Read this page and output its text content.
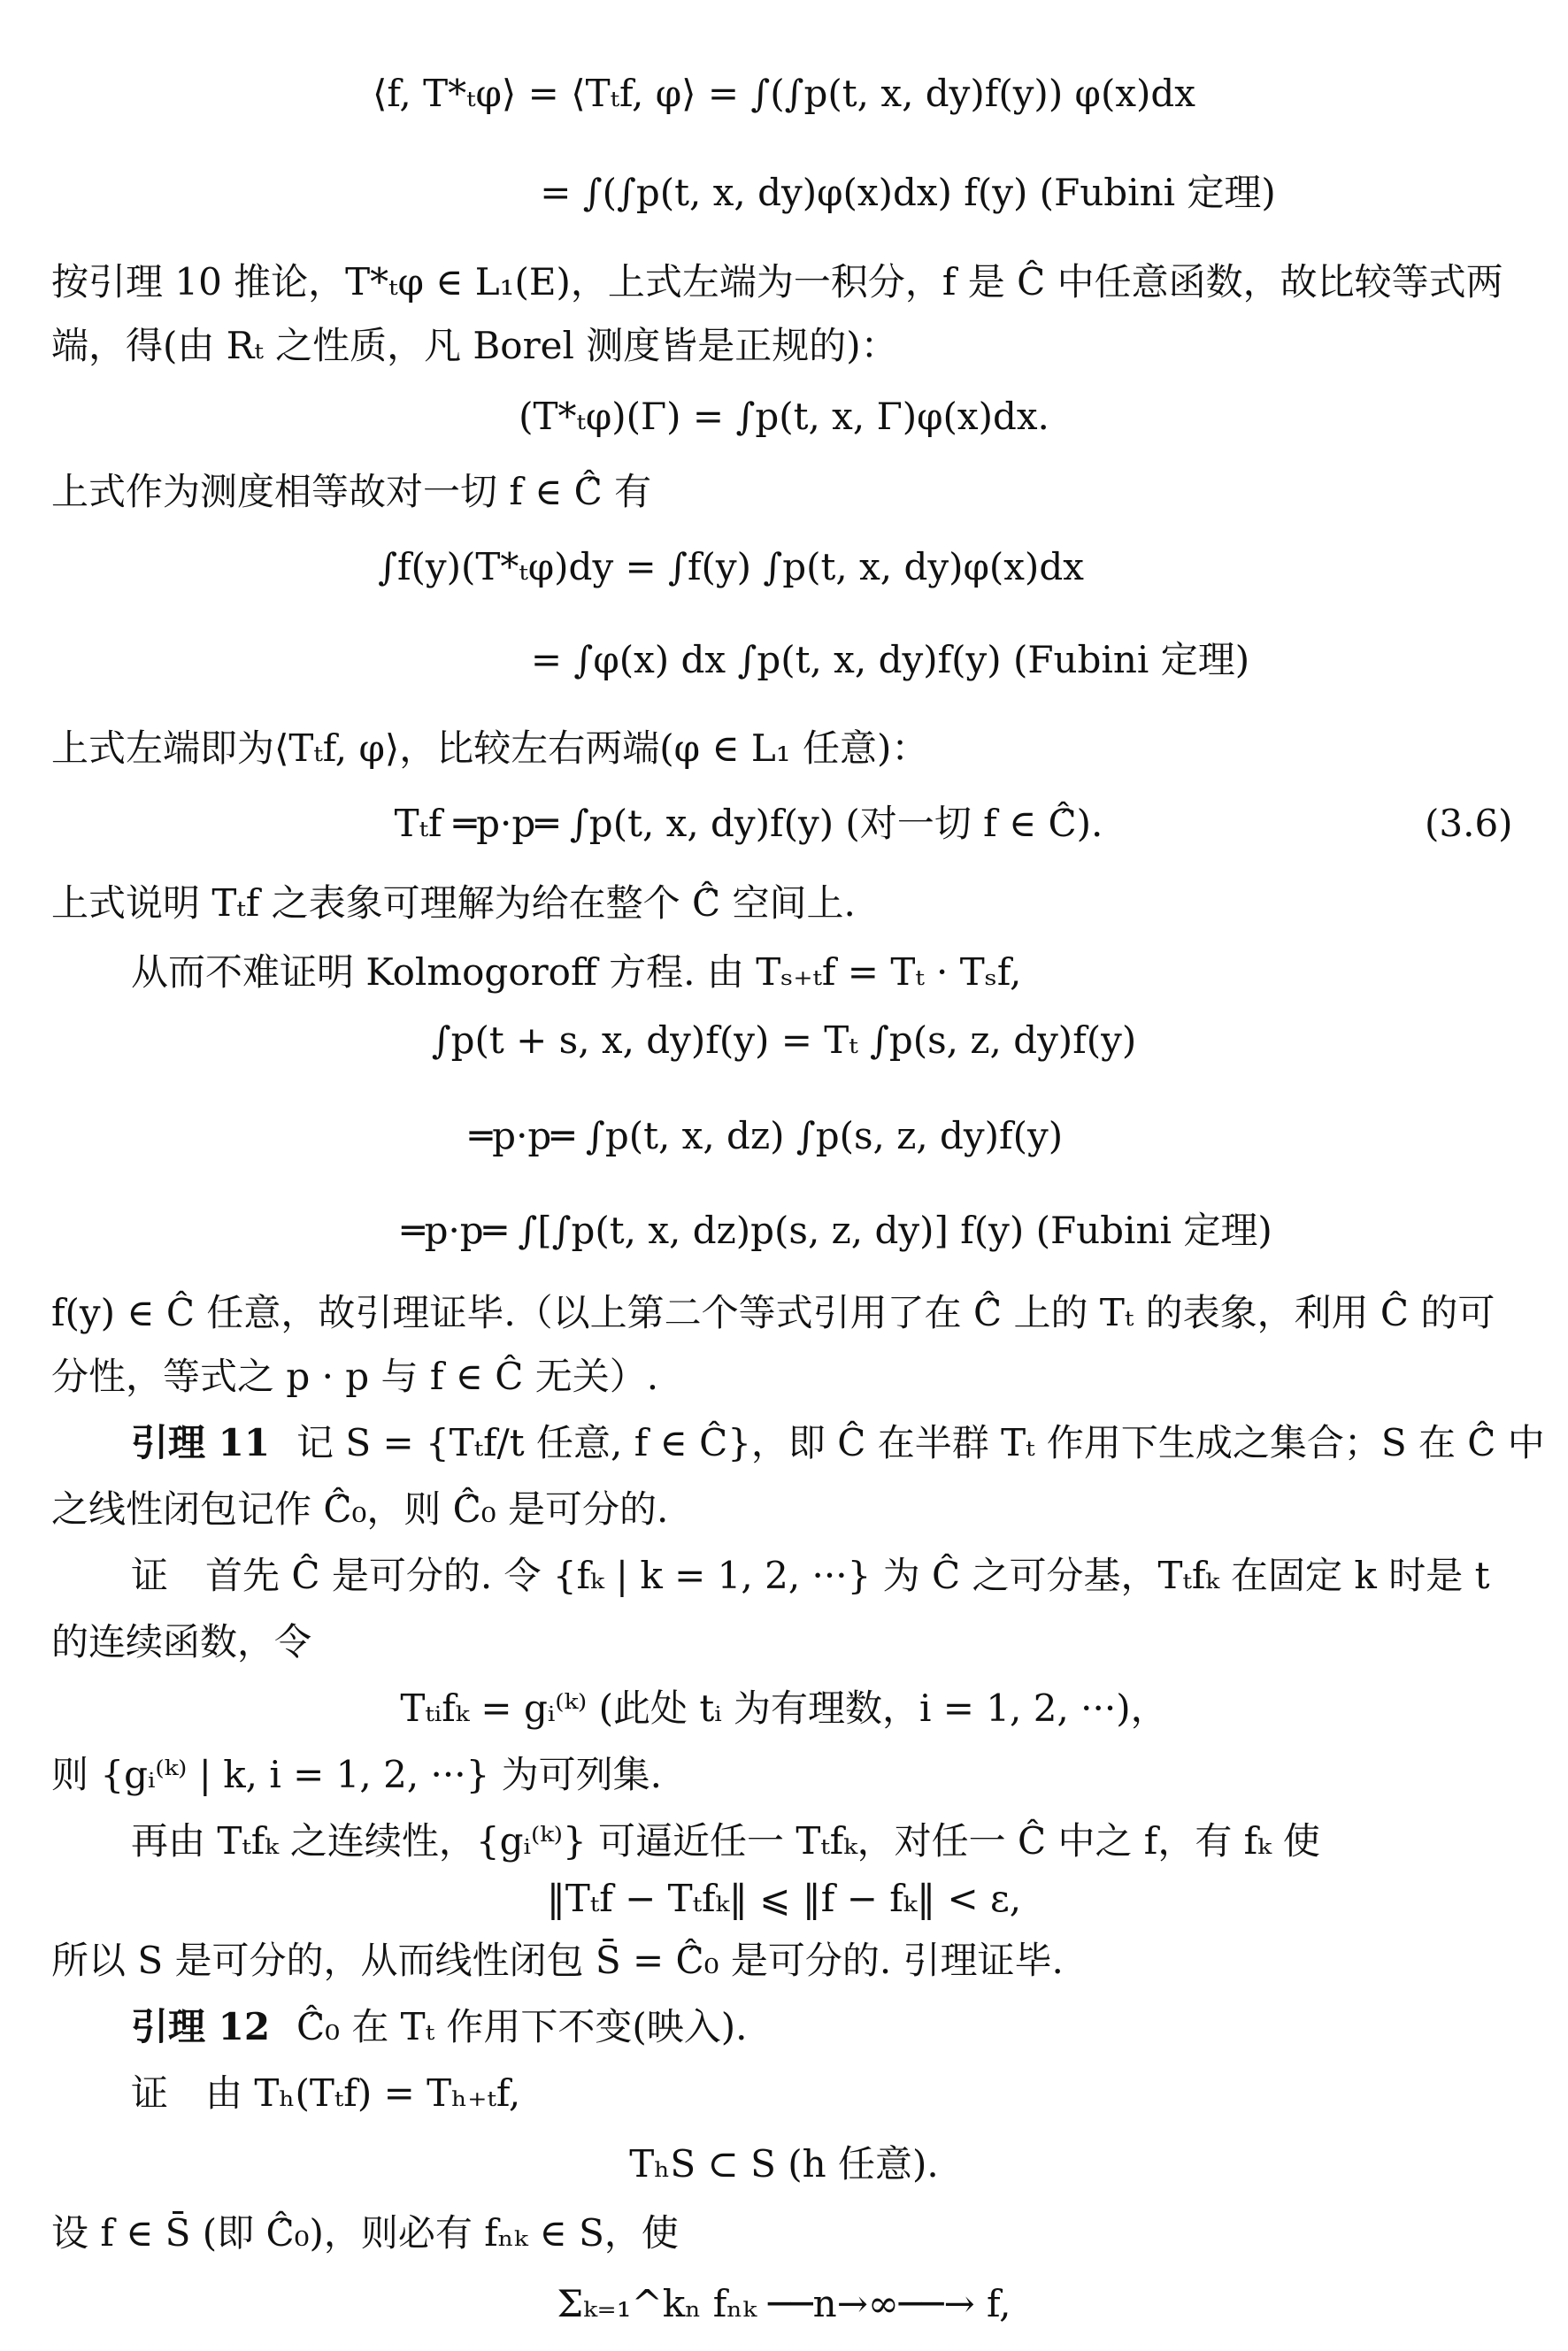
⟨f, T*ₜφ⟩ = ⟨Tₜf, φ⟩ = ∫(∫p(t, x, dy)f(y)) φ(x)dx
= ∫(∫p(t, x, dy)φ(x)dx) f(y) (Fubini 定理)
按引理 10 推论，T*ₜφ ∈ L₁(E)，上式左端为一积分，f 是 Ĉ 中任意函数，故比较等式两
端，得(由 Rₜ 之性质，凡 Borel 测度皆是正规的)：
(T*ₜφ)(Γ) = ∫p(t, x, Γ)φ(x)dx.
上式作为测度相等故对一切 f ∈ Ĉ̂ 有
∫f(y)(T*ₜφ)dy = ∫f(y) ∫p(t, x, dy)φ(x)dx
= ∫φ(x) dx ∫p(t, x, dy)f(y) (Fubini 定理)
上式左端即为⟨Tₜf, φ⟩，比较左右两端(φ ∈ L₁ 任意)：
Tₜf ═p·p═ ∫p(t, x, dy)f(y) (对一切 f ∈ Ĉ̂).	(3.6)
上式说明 Tₜf 之表象可理解为给在整个 Ĉ̂ 空间上.
从而不难证明 Kolmogoroff 方程. 由 Tₛ₊ₜf = Tₜ · Tₛf,
∫p(t + s, x, dy)f(y) = Tₜ ∫p(s, z, dy)f(y)
═p·p═ ∫p(t, x, dz) ∫p(s, z, dy)f(y)
═p·p═ ∫[∫p(t, x, dz)p(s, z, dy)] f(y) (Fubini 定理)
f(y) ∈ Ĉ 任意，故引理证毕.（以上第二个等式引用了在 Ĉ̂ 上的 Tₜ 的表象，利用 Ĉ 的可
分性，等式之 p · p 与 f ∈ Ĉ 无关）.
引理 11 记 S = {Tₜf/t 任意, f ∈ Ĉ}，即 Ĉ 在半群 Tₜ 作用下生成之集合；S 在 Ĉ̂ 中
之线性闭包记作 Ĉ̂₀，则 Ĉ̂₀ 是可分的.
证　首先 Ĉ 是可分的. 令 {fₖ | k = 1, 2, ···} 为 Ĉ 之可分基，Tₜfₖ 在固定 k 时是 t
的连续函数，令
Tₜᵢfₖ = gᵢ⁽ᵏ⁾ (此处 tᵢ 为有理数，i = 1, 2, ···)，
则 {gᵢ⁽ᵏ⁾ | k, i = 1, 2, ···} 为可列集.
再由 Tₜfₖ 之连续性，{gᵢ⁽ᵏ⁾} 可逼近任一 Tₜfₖ，对任一 Ĉ 中之 f，有 fₖ 使
‖Tₜf − Tₜfₖ‖ ⩽ ‖f − fₖ‖ < ε,
所以 S 是可分的，从而线性闭包 S̄ = Ĉ̂₀ 是可分的. 引理证毕.
引理 12 Ĉ̂₀ 在 Tₜ 作用下不变(映入).
证　由 Tₕ(Tₜf) = Tₕ₊ₜf,
TₕS ⊂ S (h 任意).
设 f ∈ S̄ (即 Ĉ̂₀)，则必有 fₙₖ ∈ S，使
Σₖ₌₁^kₙ fₙₖ ──n→∞──→ f,
